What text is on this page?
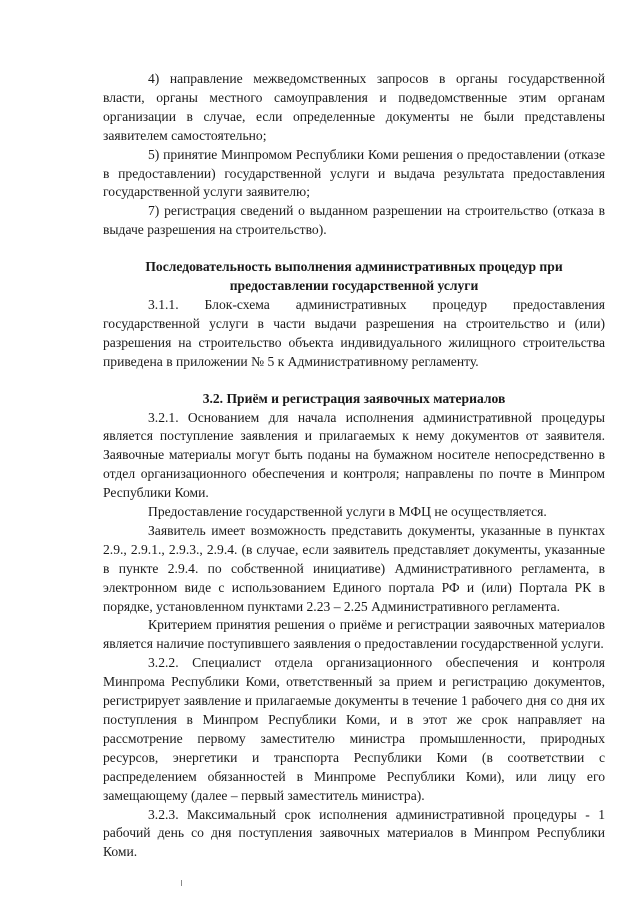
4) направление межведомственных запросов в органы государственной власти, органы местного самоуправления и подведомственные этим органам организации в случае, если определенные документы не были представлены заявителем самостоятельно;

5) принятие Минпромом Республики Коми решения о предоставлении (отказе в предоставлении) государственной услуги и выдача результата предоставления государственной услуги заявителю;

7) регистрация сведений о выданном разрешении на строительство (отказа в выдаче разрешения на строительство).

Последовательность выполнения административных процедур при предоставлении государственной услуги

3.1.1. Блок-схема административных процедур предоставления государственной услуги в части выдачи разрешения на строительство и (или) разрешения на строительство объекта индивидуального жилищного строительства приведена в приложении № 5 к Административному регламенту.

3.2. Приём и регистрация заявочных материалов

3.2.1. Основанием для начала исполнения административной процедуры является поступление заявления и прилагаемых к нему документов от заявителя. Заявочные материалы могут быть поданы на бумажном носителе непосредственно в отдел организационного обеспечения и контроля; направлены по почте в Минпром Республики Коми.

Предоставление государственной услуги в МФЦ не осуществляется.

Заявитель имеет возможность представить документы, указанные в пунктах 2.9., 2.9.1., 2.9.3., 2.9.4. (в случае, если заявитель представляет документы, указанные в пункте 2.9.4. по собственной инициативе) Административного регламента, в электронном виде с использованием Единого портала РФ и (или) Портала РК в порядке, установленном пунктами 2.23 – 2.25 Административного регламента.

Критерием принятия решения о приёме и регистрации заявочных материалов является наличие поступившего заявления о предоставлении государственной услуги.

3.2.2. Специалист отдела организационного обеспечения и контроля Минпрома Республики Коми, ответственный за прием и регистрацию документов, регистрирует заявление и прилагаемые документы в течение 1 рабочего дня со дня их поступления в Минпром Республики Коми, и в этот же срок направляет на рассмотрение первому заместителю министра промышленности, природных ресурсов, энергетики и транспорта Республики Коми (в соответствии с распределением обязанностей в Минпроме Республики Коми), или лицу его замещающему (далее – первый заместитель министра).

3.2.3. Максимальный срок исполнения административной процедуры - 1 рабочий день со дня поступления заявочных материалов в Минпром Республики Коми.
